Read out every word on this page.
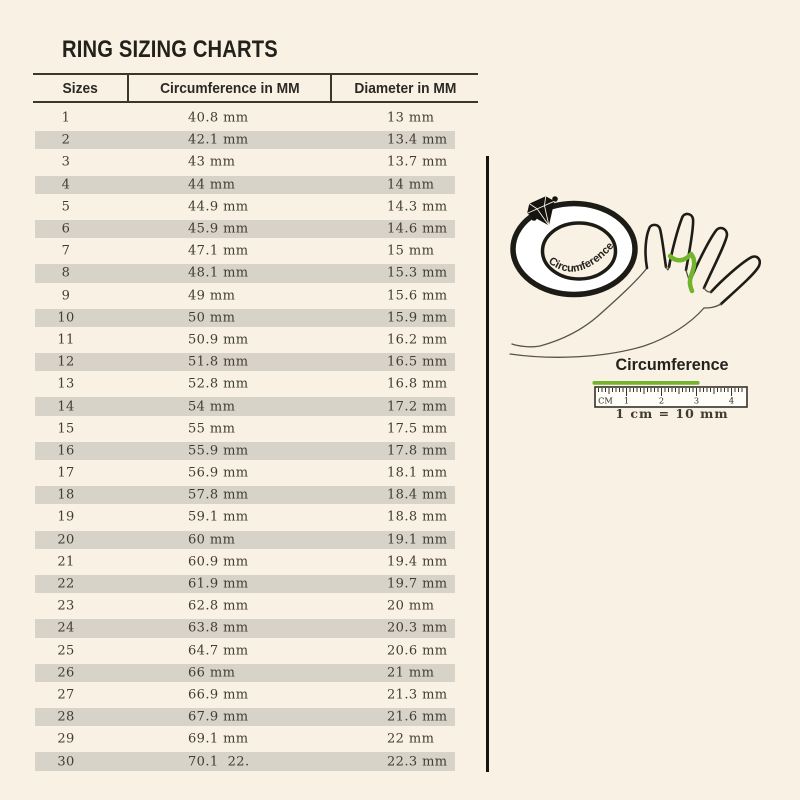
RING SIZING CHARTS
Sizes	Circumference in MM	Diameter in MM
1	40.8 mm	13 mm
2	42.1 mm	13.4 mm
3	43 mm	13.7 mm
4	44 mm	14 mm
5	44.9 mm	14.3 mm
6	45.9 mm	14.6 mm
7	47.1 mm	15 mm
8	48.1 mm	15.3 mm
9	49 mm	15.6 mm
10	50 mm	15.9 mm
11	50.9 mm	16.2 mm
12	51.8 mm	16.5 mm
13	52.8 mm	16.8 mm
14	54 mm	17.2 mm
15	55 mm	17.5 mm
16	55.9 mm	17.8 mm
17	56.9 mm	18.1 mm
18	57.8 mm	18.4 mm
19	59.1 mm	18.8 mm
20	60 mm	19.1 mm
21	60.9 mm	19.4 mm
22	61.9 mm	19.7 mm
23	62.8 mm	20 mm
24	63.8 mm	20.3 mm
25	64.7 mm	20.6 mm
26	66 mm	21 mm
27	66.9 mm	21.3 mm
28	67.9 mm	21.6 mm
29	69.1 mm	22 mm
30	70.1  22.	22.3 mm
Circumference
Circumference
CM 1	2	3	4
1 cm = 10 mm
